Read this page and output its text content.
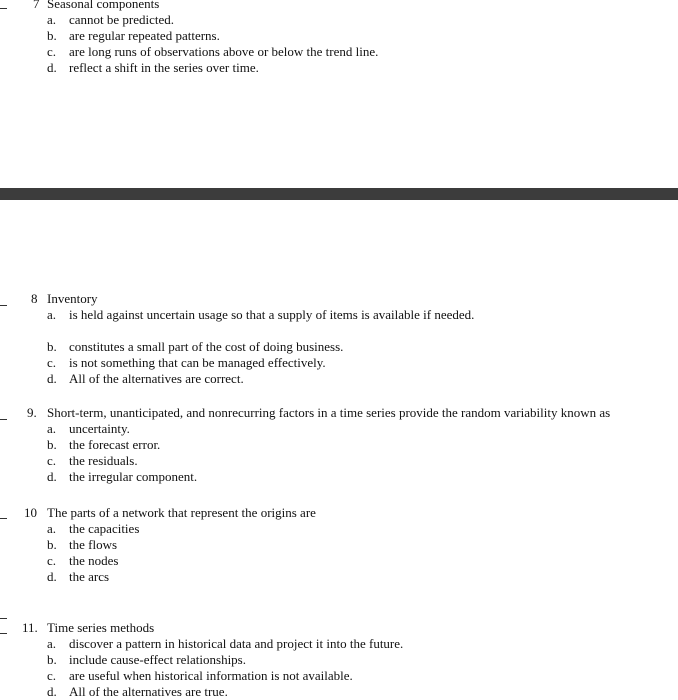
7 Seasonal components
a. cannot be predicted.
b. are regular repeated patterns.
c. are long runs of observations above or below the trend line.
d. reflect a shift in the series over time.
8 Inventory
a. is held against uncertain usage so that a supply of items is available if needed.
b. constitutes a small part of the cost of doing business.
c. is not something that can be managed effectively.
d. All of the alternatives are correct.
9. Short-term, unanticipated, and nonrecurring factors in a time series provide the random variability known as
a. uncertainty.
b. the forecast error.
c. the residuals.
d. the irregular component.
10 The parts of a network that represent the origins are
a. the capacities
b. the flows
c. the nodes
d. the arcs
11. Time series methods
a. discover a pattern in historical data and project it into the future.
b. include cause-effect relationships.
c. are useful when historical information is not available.
d. All of the alternatives are true.
